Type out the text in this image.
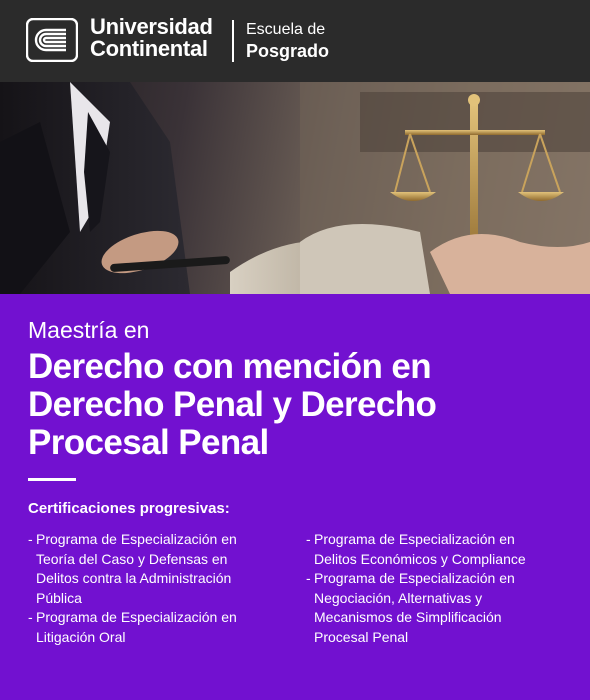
Universidad
Continental
Escuela de
Posgrado
Maestría en
Derecho con mención en
Derecho Penal y Derecho
Procesal Penal
Certificaciones progresivas:
- Programa de Especialización en
Teoría del Caso y Defensas en
Delitos contra la Administración
Pública
- Programa de Especialización en
Litigación Oral
- Programa de Especialización en
Delitos Económicos y Compliance
- Programa de Especialización en
Negociación, Alternativas y
Mecanismos de Simplificación
Procesal Penal
